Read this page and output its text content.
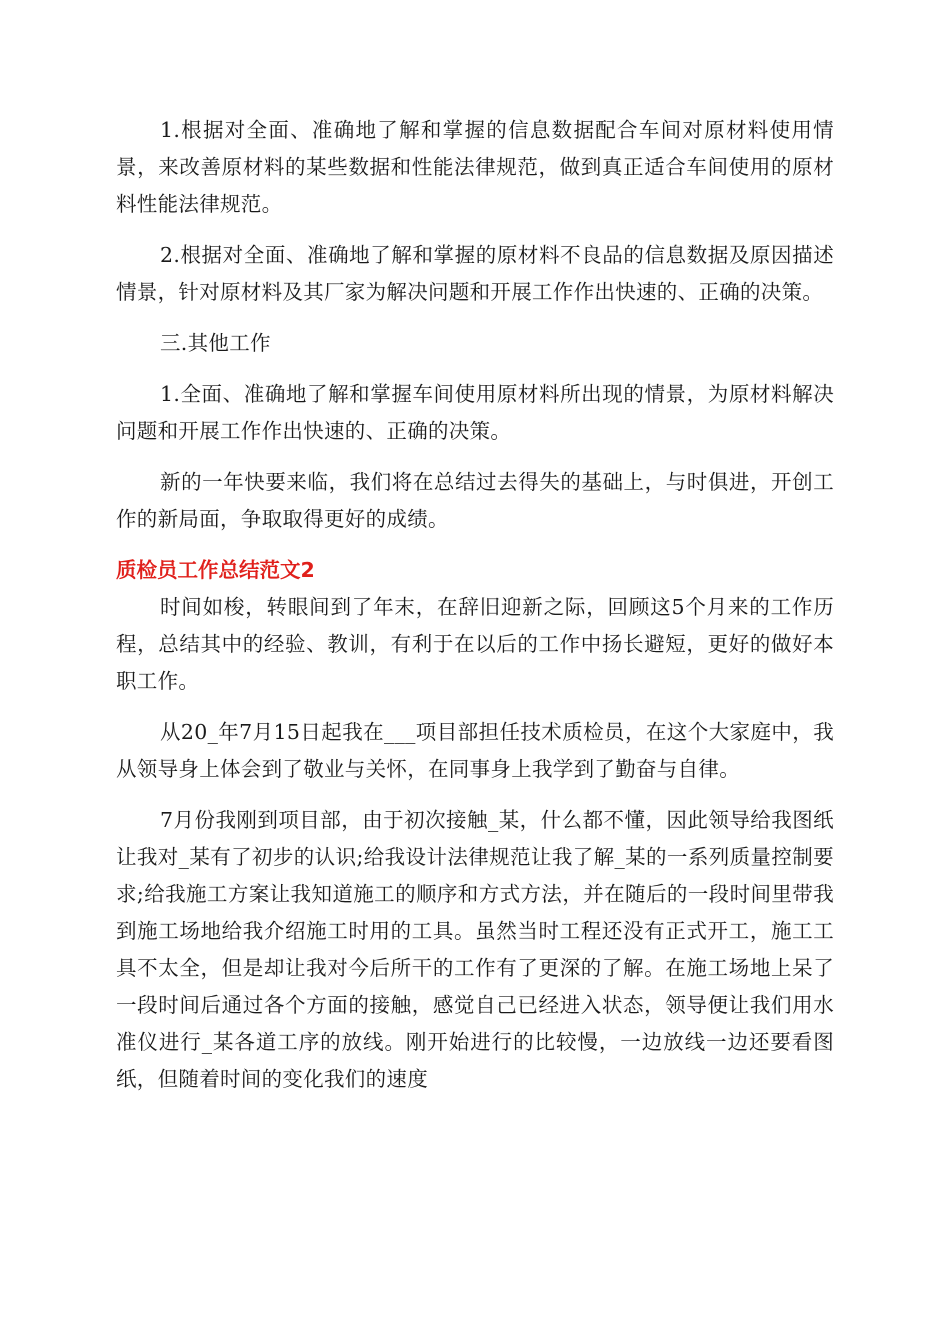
1.根据对全面、准确地了解和掌握的信息数据配合车间对原材料使用情景，来改善原材料的某些数据和性能法律规范，做到真正适合车间使用的原材料性能法律规范。

2.根据对全面、准确地了解和掌握的原材料不良品的信息数据及原因描述情景，针对原材料及其厂家为解决问题和开展工作作出快速的、正确的决策。

三.其他工作

1.全面、准确地了解和掌握车间使用原材料所出现的情景，为原材料解决问题和开展工作作出快速的、正确的决策。

新的一年快要来临，我们将在总结过去得失的基础上，与时俱进，开创工作的新局面，争取取得更好的成绩。

质检员工作总结范文2

时间如梭，转眼间到了年末，在辞旧迎新之际，回顾这5个月来的工作历程，总结其中的经验、教训，有利于在以后的工作中扬长避短，更好的做好本职工作。

从20_年7月15日起我在___项目部担任技术质检员，在这个大家庭中，我从领导身上体会到了敬业与关怀，在同事身上我学到了勤奋与自律。

7月份我刚到项目部，由于初次接触_某，什么都不懂，因此领导给我图纸让我对_某有了初步的认识;给我设计法律规范让我了解_某的一系列质量控制要求;给我施工方案让我知道施工的顺序和方式方法，并在随后的一段时间里带我到施工场地给我介绍施工时用的工具。虽然当时工程还没有正式开工，施工工具不太全，但是却让我对今后所干的工作有了更深的了解。在施工场地上呆了一段时间后通过各个方面的接触，感觉自己已经进入状态，领导便让我们用水准仪进行_某各道工序的放线。刚开始进行的比较慢，一边放线一边还要看图纸，但随着时间的变化我们的速度
